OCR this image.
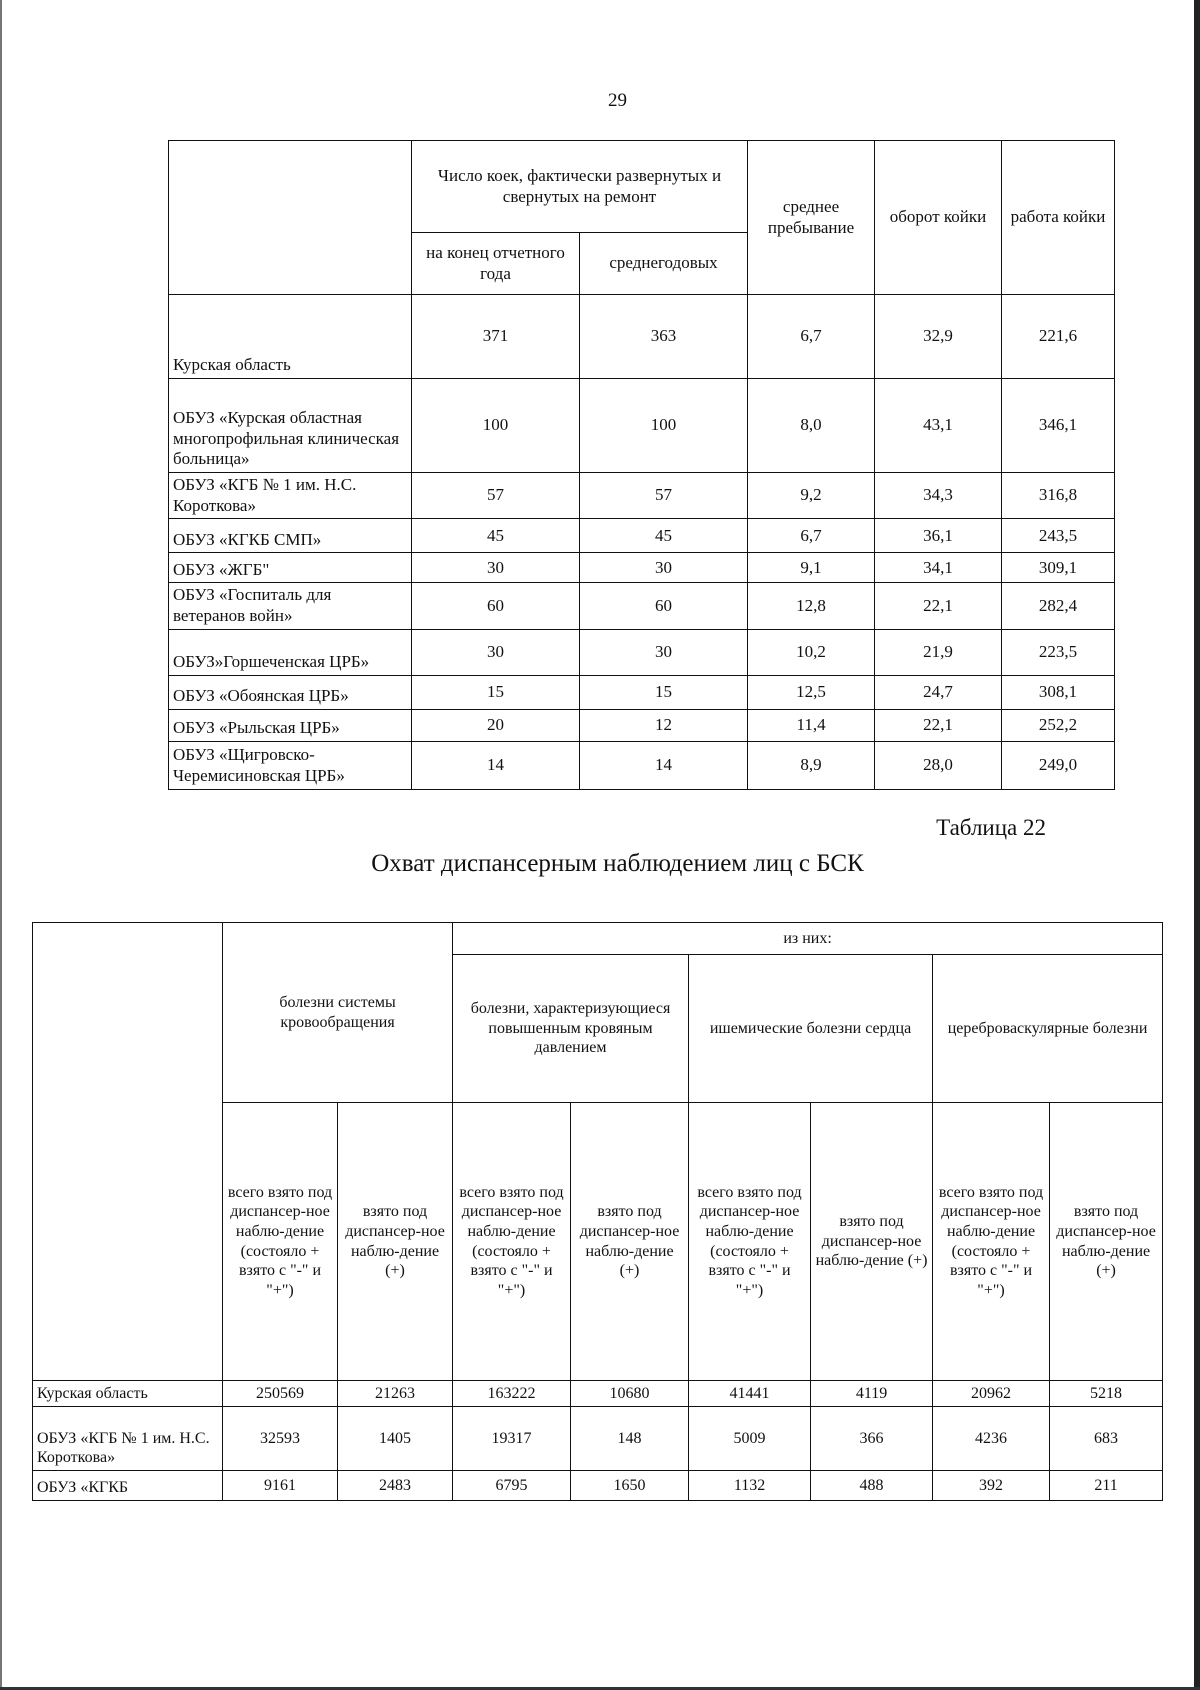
29
	Число коек, фактически развернутых и свернутых на ремонт		среднее пребывание	оборот койки	работа койки
	на конец отчетного года	среднегодовых			
Курская область	371	363	6,7	32,9	221,6
ОБУЗ «Курская областная многопрофильная клиническая больница»	100	100	8,0	43,1	346,1
ОБУЗ «КГБ № 1 им. Н.С. Короткова»	57	57	9,2	34,3	316,8
ОБУЗ «КГКБ СМП»	45	45	6,7	36,1	243,5
ОБУЗ «ЖГБ"	30	30	9,1	34,1	309,1
ОБУЗ «Госпиталь для ветеранов войн»	60	60	12,8	22,1	282,4
ОБУЗ»Горшеченская ЦРБ»	30	30	10,2	21,9	223,5
ОБУЗ «Обоянская ЦРБ»	15	15	12,5	24,7	308,1
ОБУЗ «Рыльская ЦРБ»	20	12	11,4	22,1	252,2
ОБУЗ «Щигровско-Черемисиновская ЦРБ»	14	14	8,9	28,0	249,0
Таблица 22
Охват диспансерным наблюдением лиц с БСК
	болезни системы кровообращения		из них:					
			болезни, характеризующиеся повышенным кровяным давлением		ишемические болезни сердца		цереброваскулярные болезни	
	всего взято под диспансер-ное наблю-дение (состояло + взято с "-" и "+")	взято под диспансер-ное наблю-дение (+)	всего взято под диспансер-ное наблю-дение (состояло + взято с "-" и "+")	взято под диспансер-ное наблю-дение (+)	всего взято под диспансер-ное наблю-дение (состояло + взято с "-" и "+")	взято под диспансер-ное наблю-дение (+)	всего взято под диспансер-ное наблю-дение (состояло + взято с "-" и "+")	взято под диспансер-ное наблю-дение (+)
Курская область	250569	21263	163222	10680	41441	4119	20962	5218
ОБУЗ «КГБ № 1 им. Н.С. Короткова»	32593	1405	19317	148	5009	366	4236	683
ОБУЗ «КГКБ	9161	2483	6795	1650	1132	488	392	211
